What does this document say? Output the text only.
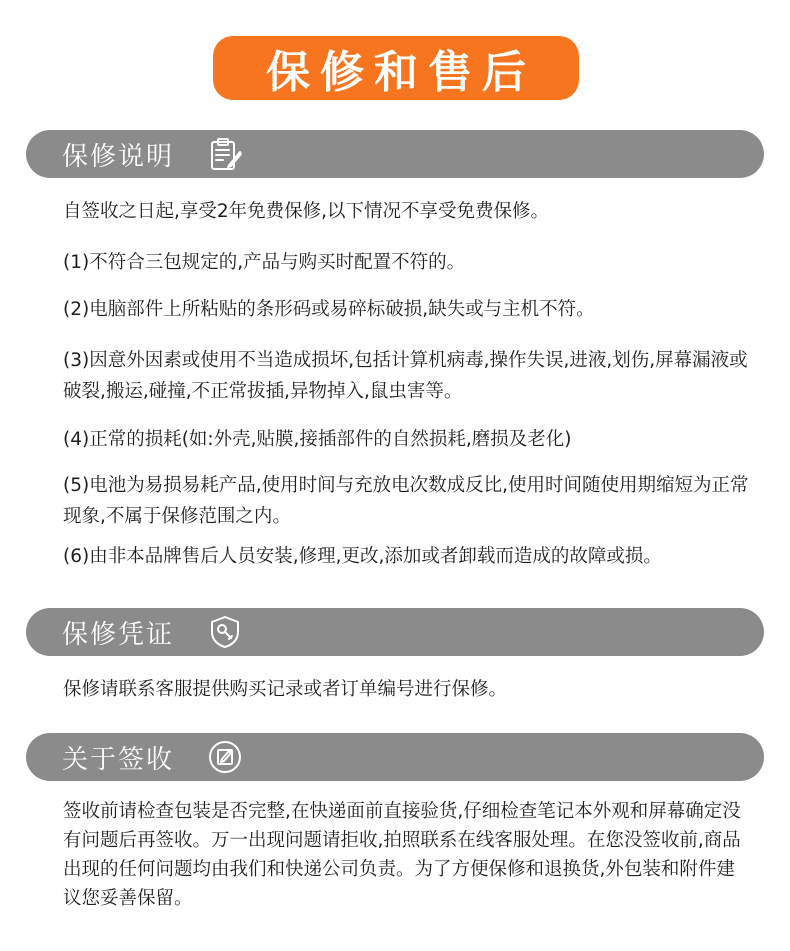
保修和售后
保修说明

自签收之日起,享受2年免费保修,以下情况不享受免费保修。

(1)不符合三包规定的,产品与购买时配置不符的。

(2)电脑部件上所粘贴的条形码或易碎标破损,缺失或与主机不符。

(3)因意外因素或使用不当造成损坏,包括计算机病毒,操作失误,进液,划伤,屏幕漏液或破裂,搬运,碰撞,不正常拔插,异物掉入,鼠虫害等。

(4)正常的损耗(如:外壳,贴膜,接插部件的自然损耗,磨损及老化)

(5)电池为易损易耗产品,使用时间与充放电次数成反比,使用时间随使用期缩短为正常现象,不属于保修范围之内。

(6)由非本品牌售后人员安装,修理,更改,添加或者卸载而造成的故障或损。

保修凭证

保修请联系客服提供购买记录或者订单编号进行保修。

关于签收

签收前请检查包装是否完整,在快递面前直接验货,仔细检查笔记本外观和屏幕确定没有问题后再签收。万一出现问题请拒收,拍照联系在线客服处理。在您没签收前,商品出现的任何问题均由我们和快递公司负责。为了方便保修和退换货,外包装和附件建议您妥善保留。
